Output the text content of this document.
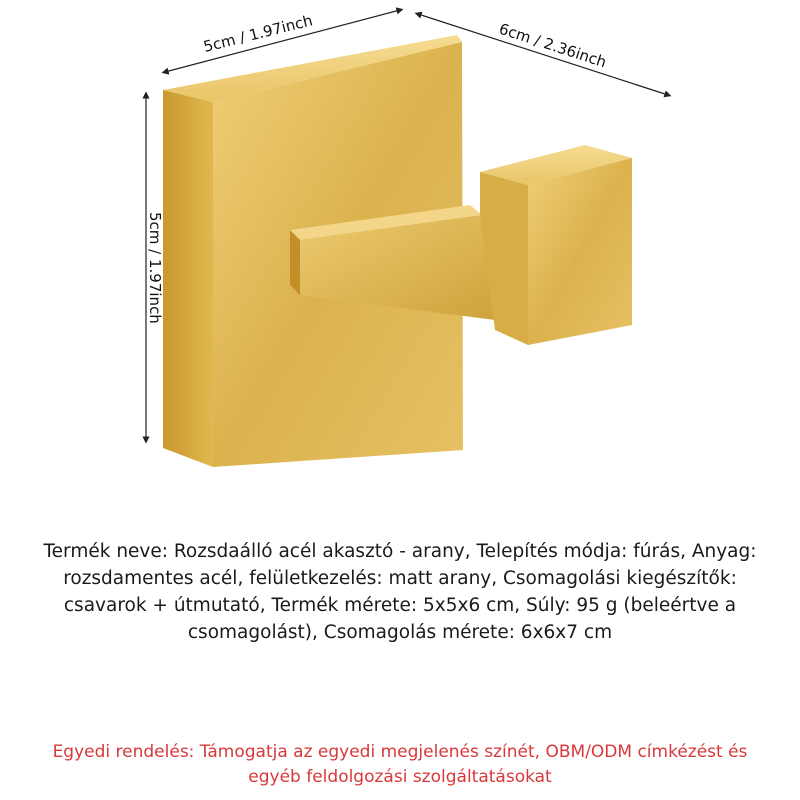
5cm / 1.97inch	6cm / 2.36inch
5cm / 1.97inch

Termék neve: Rozsdaálló acél akasztó - arany, Telepítés módja: fúrás, Anyag: rozsdamentes acél, felületkezelés: matt arany, Csomagolási kiegészítők: csavarok + útmutató, Termék mérete: 5x5x6 cm, Súly: 95 g (beleértve a csomagolást), Csomagolás mérete: 6x6x7 cm

Egyedi rendelés: Támogatja az egyedi megjelenés színét, OBM/ODM címkézést és egyéb feldolgozási szolgáltatásokat
